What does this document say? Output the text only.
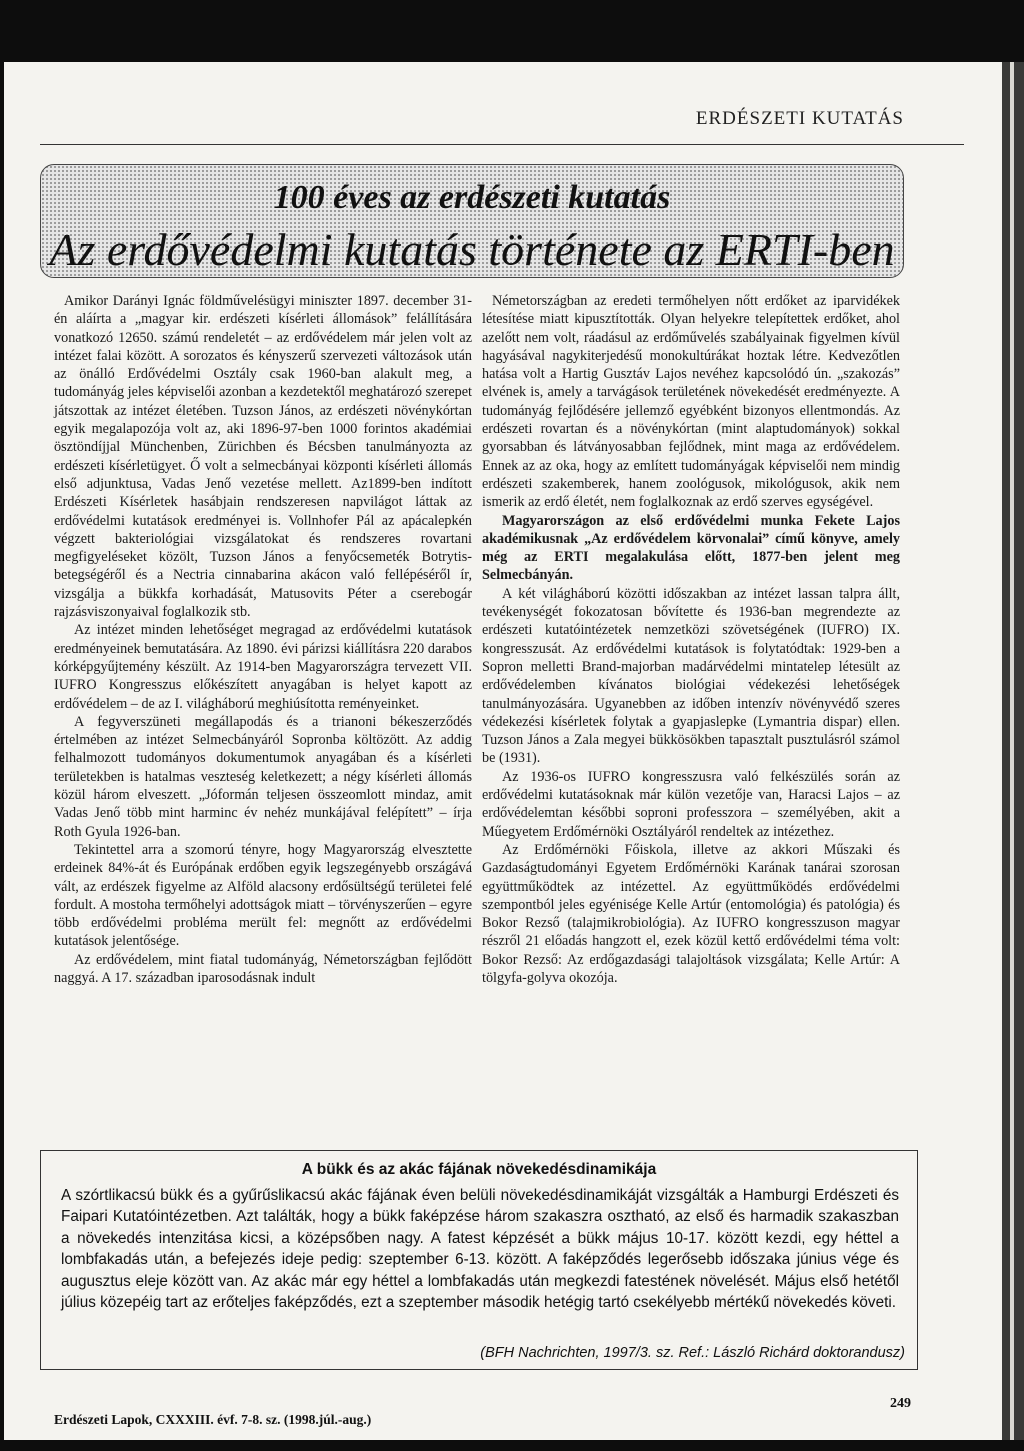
ERDÉSZETI KUTATÁS
100 éves az erdészeti kutatás
Az erdővédelmi kutatás története az ERTI-ben

Amikor Darányi Ignác földművelésügyi miniszter 1897. december 31-én aláírta a „magyar kir. erdészeti kísérleti állomások” felállítására vonatkozó 12650. számú rendeletét – az erdővédelem már jelen volt az intézet falai között. A sorozatos és kényszerű szervezeti változások után az önálló Erdővédelmi Osztály csak 1960-ban alakult meg, a tudományág jeles képviselői azonban a kezdetektől meghatározó szerepet játszottak az intézet életében. Tuzson János, az erdészeti növénykórtan egyik megalapozója volt az, aki 1896-97-ben 1000 forintos akadémiai ösztöndíjjal Münchenben, Zürichben és Bécsben tanulmányozta az erdészeti kísérletügyet. Ő volt a selmecbányai központi kísérleti állomás első adjunktusa, Vadas Jenő vezetése mellett. Az1899-ben indított Erdészeti Kísérletek hasábjain rendszeresen napvilágot láttak az erdővédelmi kutatások eredményei is. Vollnhofer Pál az apácalepkén végzett bakteriológiai vizsgálatokat és rendszeres rovartani megfigyeléseket közölt, Tuzson János a fenyőcsemeték Botrytis-betegségéről és a Nectria cinnabarina akácon való fellépéséről ír, vizsgálja a bükkfa korhadását, Matusovits Péter a cserebogár rajzásviszonyaival foglalkozik stb.

Az intézet minden lehetőséget megragad az erdővédelmi kutatások eredményeinek bemutatására. Az 1890. évi párizsi kiállításra 220 darabos kórképgyűjtemény készült. Az 1914-ben Magyarországra tervezett VII. IUFRO Kongresszus előkészített anyagában is helyet kapott az erdővédelem – de az I. világháború meghiúsította reményeinket.

A fegyverszüneti megállapodás és a trianoni békeszerződés értelmében az intézet Selmecbányáról Sopronba költözött. Az addig felhalmozott tudományos dokumentumok anyagában és a kísérleti területekben is hatalmas veszteség keletkezett; a négy kísérleti állomás közül három elveszett. „Jóformán teljesen összeomlott mindaz, amit Vadas Jenő több mint harminc év nehéz munkájával felépített” – írja Roth Gyula 1926-ban.

Tekintettel arra a szomorú tényre, hogy Magyarország elvesztette erdeinek 84%-át és Európának erdőben egyik legszegényebb országává vált, az erdészek figyelme az Alföld alacsony erdősültségű területei felé fordult. A mostoha termőhelyi adottságok miatt – törvényszerűen – egyre több erdővédelmi probléma merült fel: megnőtt az erdővédelmi kutatások jelentősége.

Az erdővédelem, mint fiatal tudományág, Németországban fejlődött naggyá. A 17. században iparosodásnak indult

Németországban az eredeti termőhelyen nőtt erdőket az iparvidékek létesítése miatt kipusztították. Olyan helyekre telepítettek erdőket, ahol azelőtt nem volt, ráadásul az erdőművelés szabályainak figyelmen kívül hagyásával nagykiterjedésű monokultúrákat hoztak létre. Kedvezőtlen hatása volt a Hartig Gusztáv Lajos nevéhez kapcsolódó ún. „szakozás” elvének is, amely a tarvágások területének növekedését eredményezte. A tudományág fejlődésére jellemző egyébként bizonyos ellentmondás. Az erdészeti rovartan és a növénykórtan (mint alaptudományok) sokkal gyorsabban és látványosabban fejlődnek, mint maga az erdővédelem. Ennek az az oka, hogy az említett tudományágak képviselői nem mindig erdészeti szakemberek, hanem zoológusok, mikológusok, akik nem ismerik az erdő életét, nem foglalkoznak az erdő szerves egységével.

Magyarországon az első erdővédelmi munka Fekete Lajos akadémikusnak „Az erdővédelem körvonalai” című könyve, amely még az ERTI megalakulása előtt, 1877-ben jelent meg Selmecbányán.

A két világháború közötti időszakban az intézet lassan talpra állt, tevékenységét fokozatosan bővítette és 1936-ban megrendezte az erdészeti kutatóintézetek nemzetközi szövetségének (IUFRO) IX. kongresszusát. Az erdővédelmi kutatások is folytatódtak: 1929-ben a Sopron melletti Brand-majorban madárvédelmi mintatelep létesült az erdővédelemben kívánatos biológiai védekezési lehetőségek tanulmányozására. Ugyanebben az időben intenzív növényvédő szeres védekezési kísérletek folytak a gyapjaslepke (Lymantria dispar) ellen. Tuzson János a Zala megyei bükkösökben tapasztalt pusztulásról számol be (1931).

Az 1936-os IUFRO kongresszusra való felkészülés során az erdővédelmi kutatásoknak már külön vezetője van, Haracsi Lajos – az erdővédelemtan későbbi soproni professzora – személyében, akit a Műegyetem Erdőmérnöki Osztályáról rendeltek az intézethez.

Az Erdőmérnöki Főiskola, illetve az akkori Műszaki és Gazdaságtudományi Egyetem Erdőmérnöki Karának tanárai szorosan együttműködtek az intézettel. Az együttműködés erdővédelmi szempontból jeles egyénisége Kelle Artúr (entomológia) és patológia) és Bokor Rezső (talajmikrobiológia). Az IUFRO kongresszuson magyar részről 21 előadás hangzott el, ezek közül kettő erdővédelmi téma volt: Bokor Rezső: Az erdőgazdasági talajoltások vizsgálata; Kelle Artúr: A tölgyfa-golyva okozója.

A bükk és az akác fájának növekedésdinamikája
A szórtlikacsú bükk és a gyűrűslikacsú akác fájának éven belüli növekedésdinamikáját vizsgálták a Hamburgi Erdészeti és Faipari Kutatóintézetben. Azt találták, hogy a bükk faképzése három szakaszra osztható, az első és harmadik szakaszban a növekedés intenzitása kicsi, a középsőben nagy. A fatest képzését a bükk május 10-17. között kezdi, egy héttel a lombfakadás után, a befejezés ideje pedig: szeptember 6-13. között. A faképződés legerősebb időszaka június vége és augusztus eleje között van. Az akác már egy héttel a lombfakadás után megkezdi fatestének növelését. Május első hetétől július közepéig tart az erőteljes faképződés, ezt a szeptember második hetégig tartó csekélyebb mértékű növekedés követi.
(BFH Nachrichten, 1997/3. sz. Ref.: László Richárd doktorandusz)
Erdészeti Lapok, CXXXIII. évf. 7-8. sz. (1998.júl.-aug.)
249
